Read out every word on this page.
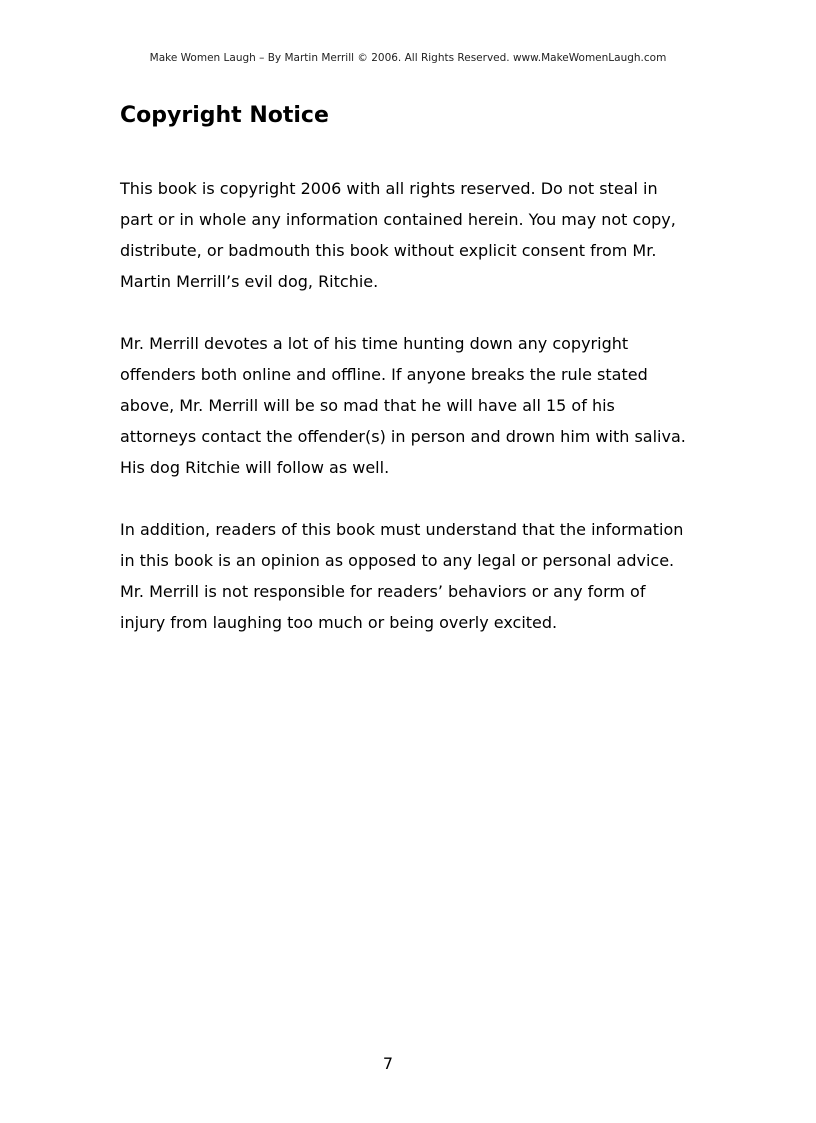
Make Women Laugh – By Martin Merrill © 2006. All Rights Reserved. www.MakeWomenLaugh.com
Copyright Notice

This book is copyright 2006 with all rights reserved. Do not steal in
part or in whole any information contained herein. You may not copy,
distribute, or badmouth this book without explicit consent from Mr.
Martin Merrill’s evil dog, Ritchie.

Mr. Merrill devotes a lot of his time hunting down any copyright
offenders both online and offline. If anyone breaks the rule stated
above, Mr. Merrill will be so mad that he will have all 15 of his
attorneys contact the offender(s) in person and drown him with saliva.
His dog Ritchie will follow as well.

In addition, readers of this book must understand that the information
in this book is an opinion as opposed to any legal or personal advice.
Mr. Merrill is not responsible for readers’ behaviors or any form of
injury from laughing too much or being overly excited.

7
